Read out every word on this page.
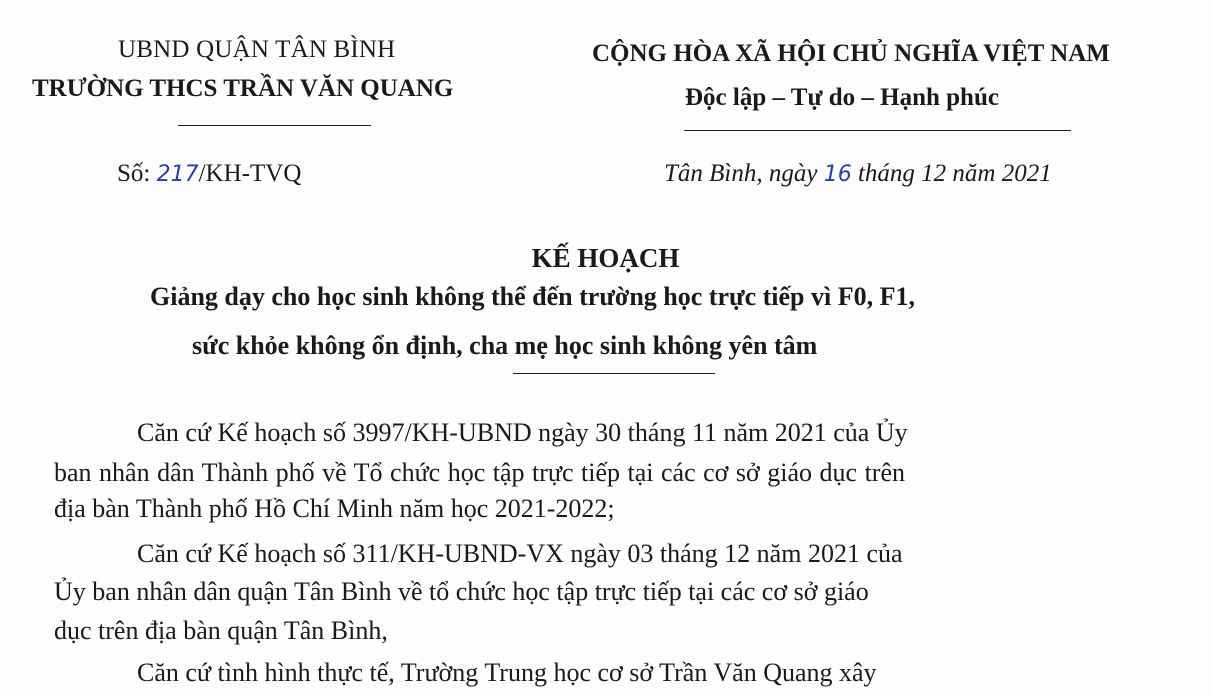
UBND QUẬN TÂN BÌNH
TRƯỜNG THCS TRẦN VĂN QUANG
CỘNG HÒA XÃ HỘI CHỦ NGHĨA VIỆT NAM
Độc lập – Tự do – Hạnh phúc
Số: 217/KH-TVQ	Tân Bình, ngày 16 tháng 12 năm 2021
KẾ HOẠCH
Giảng dạy cho học sinh không thể đến trường học trực tiếp vì F0, F1,
sức khỏe không ổn định, cha mẹ học sinh không yên tâm
Căn cứ Kế hoạch số 3997/KH-UBND ngày 30 tháng 11 năm 2021 của Ủy
ban nhân dân Thành phố về Tổ chức học tập trực tiếp tại các cơ sở giáo dục trên
địa bàn Thành phố Hồ Chí Minh năm học 2021-2022;
Căn cứ Kế hoạch số 311/KH-UBND-VX ngày 03 tháng 12 năm 2021 của
Ủy ban nhân dân quận Tân Bình về tổ chức học tập trực tiếp tại các cơ sở giáo
dục trên địa bàn quận Tân Bình,
Căn cứ tình hình thực tế, Trường Trung học cơ sở Trần Văn Quang xây
